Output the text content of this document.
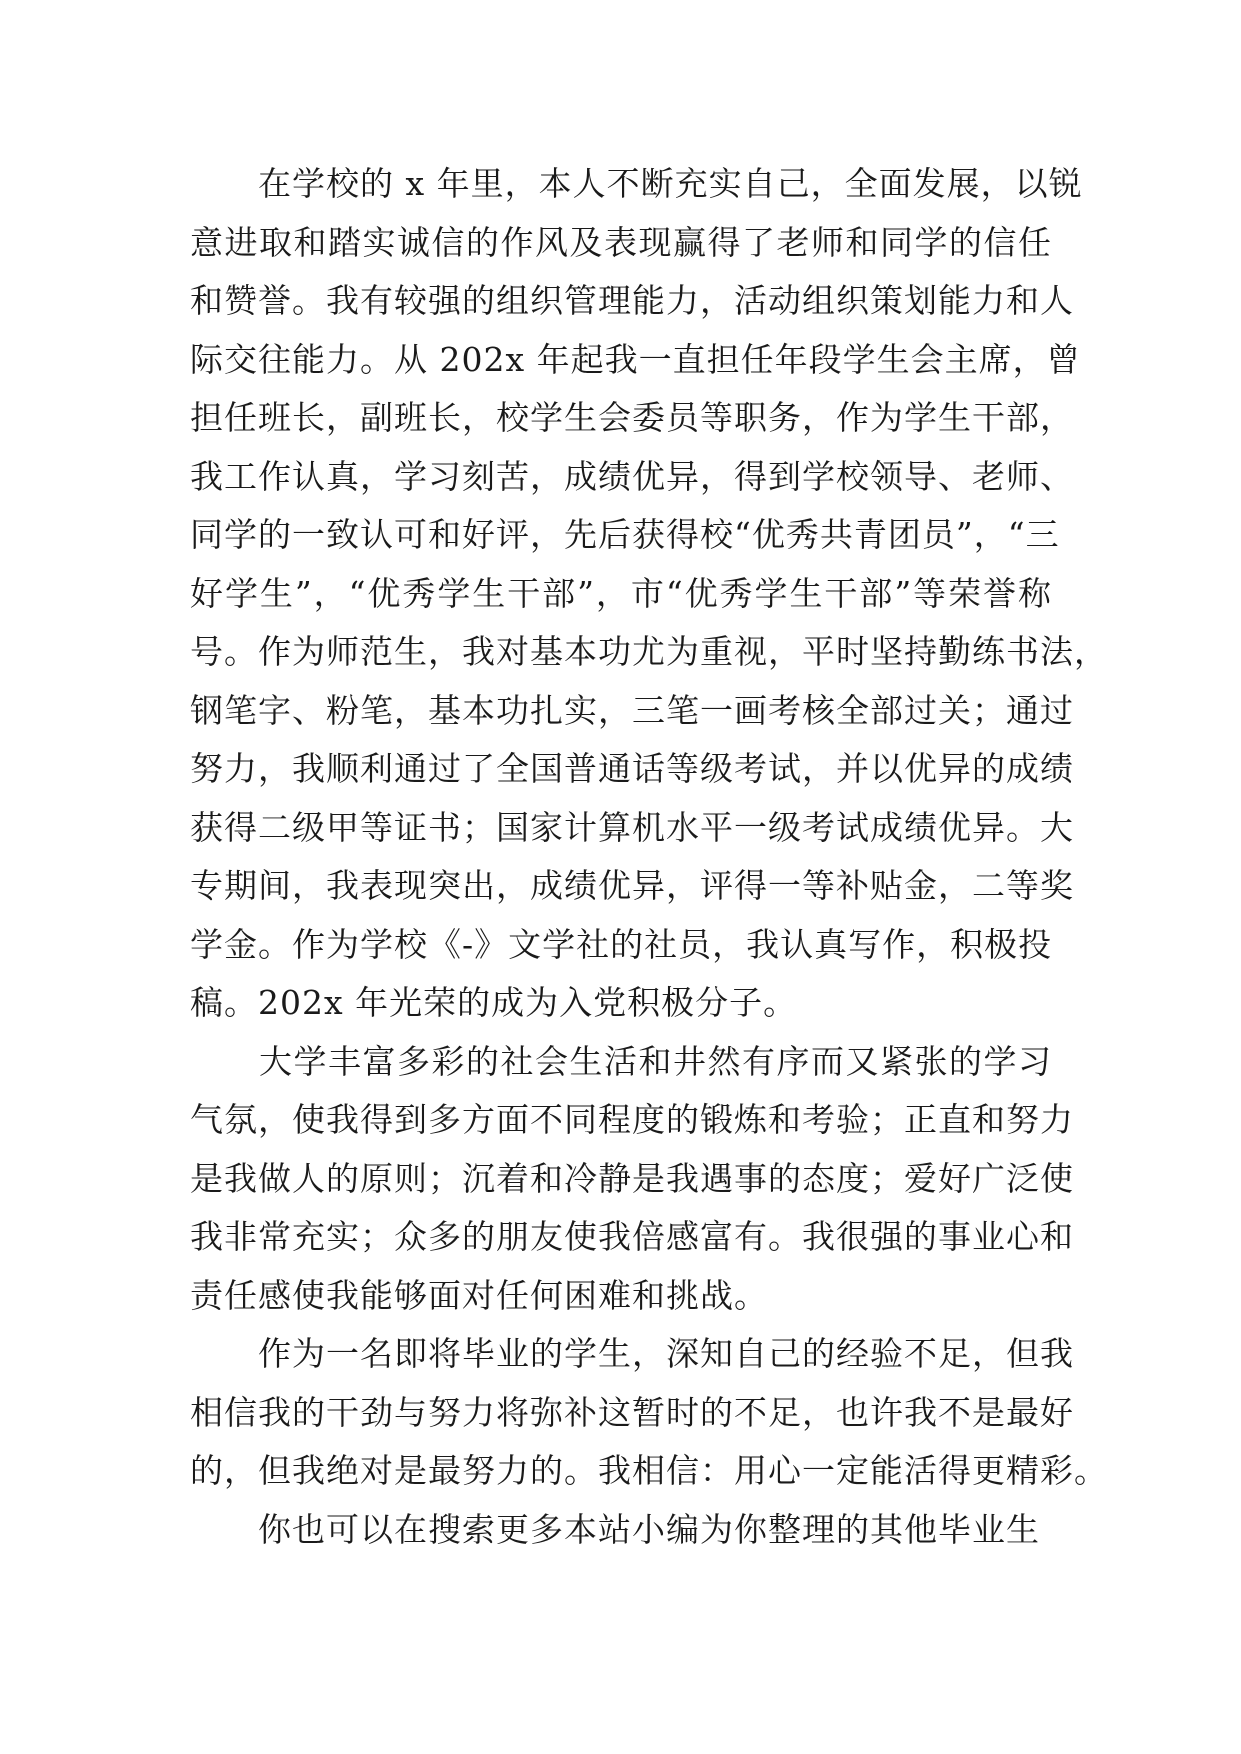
　　在学校的 x 年里，本人不断充实自己，全面发展，以锐
意进取和踏实诚信的作风及表现赢得了老师和同学的信任
和赞誉。我有较强的组织管理能力，活动组织策划能力和人
际交往能力。从 202x 年起我一直担任年段学生会主席，曾
担任班长，副班长，校学生会委员等职务，作为学生干部，
我工作认真，学习刻苦，成绩优异，得到学校领导、老师、
同学的一致认可和好评，先后获得校“优秀共青团员”，“三
好学生”，“优秀学生干部”，市“优秀学生干部”等荣誉称
号。作为师范生，我对基本功尤为重视，平时坚持勤练书法，
钢笔字、粉笔，基本功扎实，三笔一画考核全部过关；通过
努力，我顺利通过了全国普通话等级考试，并以优异的成绩
获得二级甲等证书；国家计算机水平一级考试成绩优异。大
专期间，我表现突出，成绩优异，评得一等补贴金，二等奖
学金。作为学校《-》文学社的社员，我认真写作，积极投
稿。202x 年光荣的成为入党积极分子。
　　大学丰富多彩的社会生活和井然有序而又紧张的学习
气氛，使我得到多方面不同程度的锻炼和考验；正直和努力
是我做人的原则；沉着和冷静是我遇事的态度；爱好广泛使
我非常充实；众多的朋友使我倍感富有。我很强的事业心和
责任感使我能够面对任何困难和挑战。
　　作为一名即将毕业的学生，深知自己的经验不足，但我
相信我的干劲与努力将弥补这暂时的不足，也许我不是最好
的，但我绝对是最努力的。我相信：用心一定能活得更精彩。
　　你也可以在搜索更多本站小编为你整理的其他毕业生
